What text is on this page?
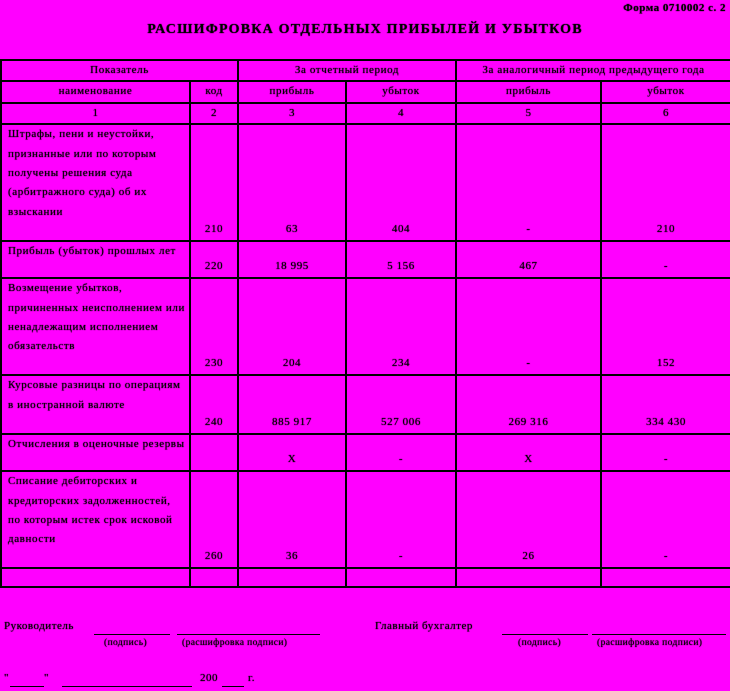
Форма 0710002 с. 2
РАСШИФРОВКА ОТДЕЛЬНЫХ ПРИБЫЛЕЙ И УБЫТКОВ
Показатель		За отчетный период		За аналогичный период предыдущего года	
наименование	код	прибыль	убыток	прибыль	убыток
1	2	3	4	5	6
Штрафы, пени и неустойки, признанные или по которым получены решения суда (арбитражного суда) об их взыскании	210	63	404	-	210
Прибыль (убыток) прошлых лет	220	18 995	5 156	467	-
Возмещение убытков, причиненных неисполнением или ненадлежащим исполнением обязательств	230	204	234	-	152
Курсовые разницы по операциям в иностранной валюте	240	885 917	527 006	269 316	334 430
Отчисления в оценочные резервы		X	-	X	-
Списание дебиторских и кредиторских задолженностей, по которым истек срок исковой давности	260	36	-	26	-

Руководитель
(подпись)	(расшифровка подписи)
Главный бухгалтер
(подпись)	(расшифровка подписи)
"	"	200	г.
